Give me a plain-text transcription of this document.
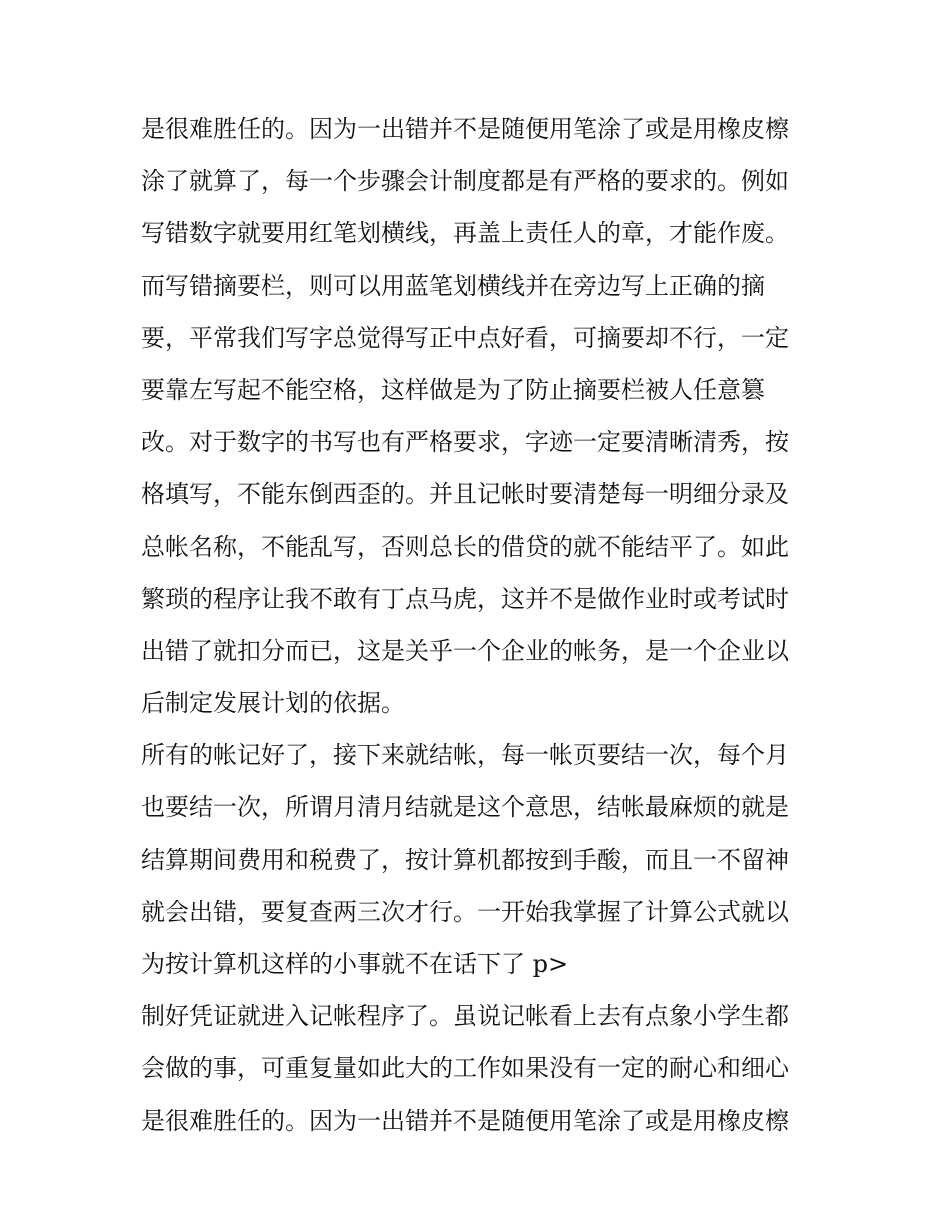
是很难胜任的。因为一出错并不是随便用笔涂了或是用橡皮檫
涂了就算了，每一个步骤会计制度都是有严格的要求的。例如
写错数字就要用红笔划横线，再盖上责任人的章，才能作废。
而写错摘要栏，则可以用蓝笔划横线并在旁边写上正确的摘
要，平常我们写字总觉得写正中点好看，可摘要却不行，一定
要靠左写起不能空格，这样做是为了防止摘要栏被人任意篡
改。对于数字的书写也有严格要求，字迹一定要清晰清秀，按
格填写，不能东倒西歪的。并且记帐时要清楚每一明细分录及
总帐名称，不能乱写，否则总长的借贷的就不能结平了。如此
繁琐的程序让我不敢有丁点马虎，这并不是做作业时或考试时
出错了就扣分而已，这是关乎一个企业的帐务，是一个企业以
后制定发展计划的依据。
所有的帐记好了，接下来就结帐，每一帐页要结一次，每个月
也要结一次，所谓月清月结就是这个意思，结帐最麻烦的就是
结算期间费用和税费了，按计算机都按到手酸，而且一不留神
就会出错，要复查两三次才行。一开始我掌握了计算公式就以
为按计算机这样的小事就不在话下了 p>
制好凭证就进入记帐程序了。虽说记帐看上去有点象小学生都
会做的事，可重复量如此大的工作如果没有一定的耐心和细心
是很难胜任的。因为一出错并不是随便用笔涂了或是用橡皮檫
